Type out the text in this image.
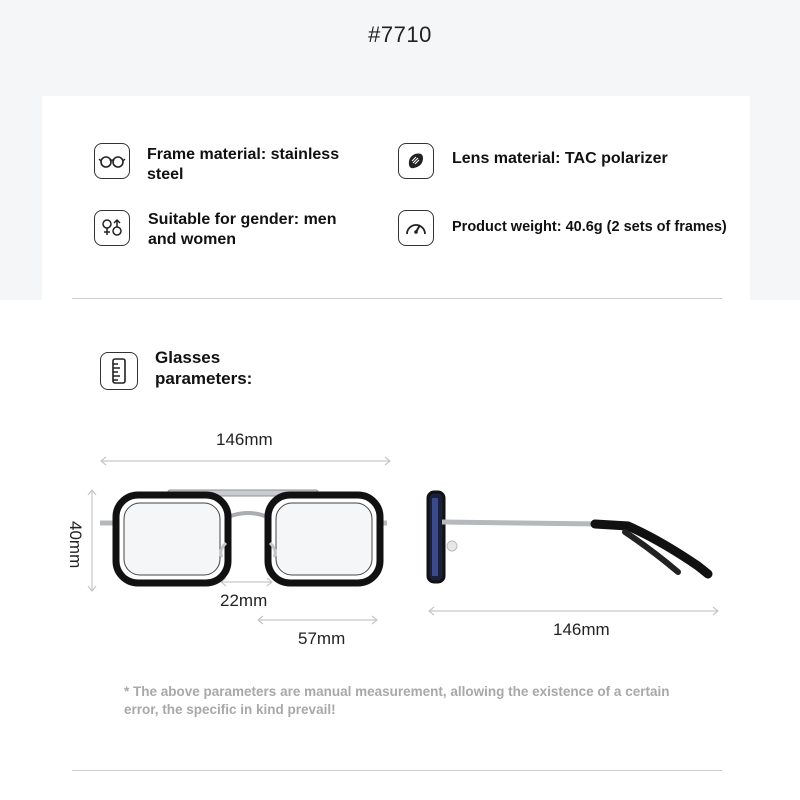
#7710
Frame material: stainless steel
Lens material: TAC polarizer
Suitable for gender: men and women
Product weight: 40.6g (2 sets of frames)
Glasses parameters:
146mm
40mm
22mm
57mm	146mm
* The above parameters are manual measurement, allowing the existence of a certain error, the specific in kind prevail!
